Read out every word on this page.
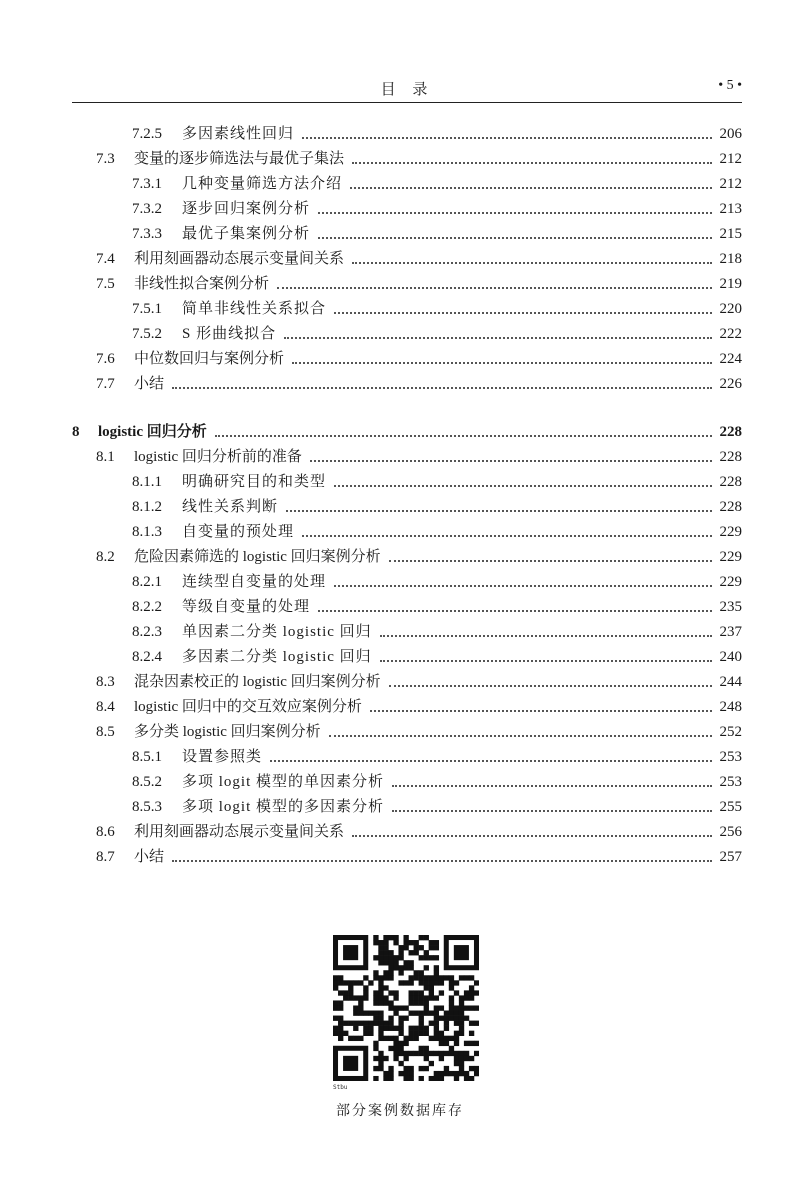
目 录	• 5 •
7.2.5	多因素线性回归	206
7.3	变量的逐步筛选法与最优子集法	212
7.3.1	几种变量筛选方法介绍	212
7.3.2	逐步回归案例分析	213
7.3.3	最优子集案例分析	215
7.4	利用刻画器动态展示变量间关系	218
7.5	非线性拟合案例分析	219
7.5.1	简单非线性关系拟合	220
7.5.2	S 形曲线拟合	222
7.6	中位数回归与案例分析	224
7.7	小结	226
8	logistic 回归分析	228
8.1	logistic 回归分析前的准备	228
8.1.1	明确研究目的和类型	228
8.1.2	线性关系判断	228
8.1.3	自变量的预处理	229
8.2	危险因素筛选的 logistic 回归案例分析	229
8.2.1	连续型自变量的处理	229
8.2.2	等级自变量的处理	235
8.2.3	单因素二分类 logistic 回归	237
8.2.4	多因素二分类 logistic 回归	240
8.3	混杂因素校正的 logistic 回归案例分析	244
8.4	logistic 回归中的交互效应案例分析	248
8.5	多分类 logistic 回归案例分析	252
8.5.1	设置参照类	253
8.5.2	多项 logit 模型的单因素分析	253
8.5.3	多项 logit 模型的多因素分析	255
8.6	利用刻画器动态展示变量间关系	256
8.7	小结	257
Stbu
部分案例数据库存
